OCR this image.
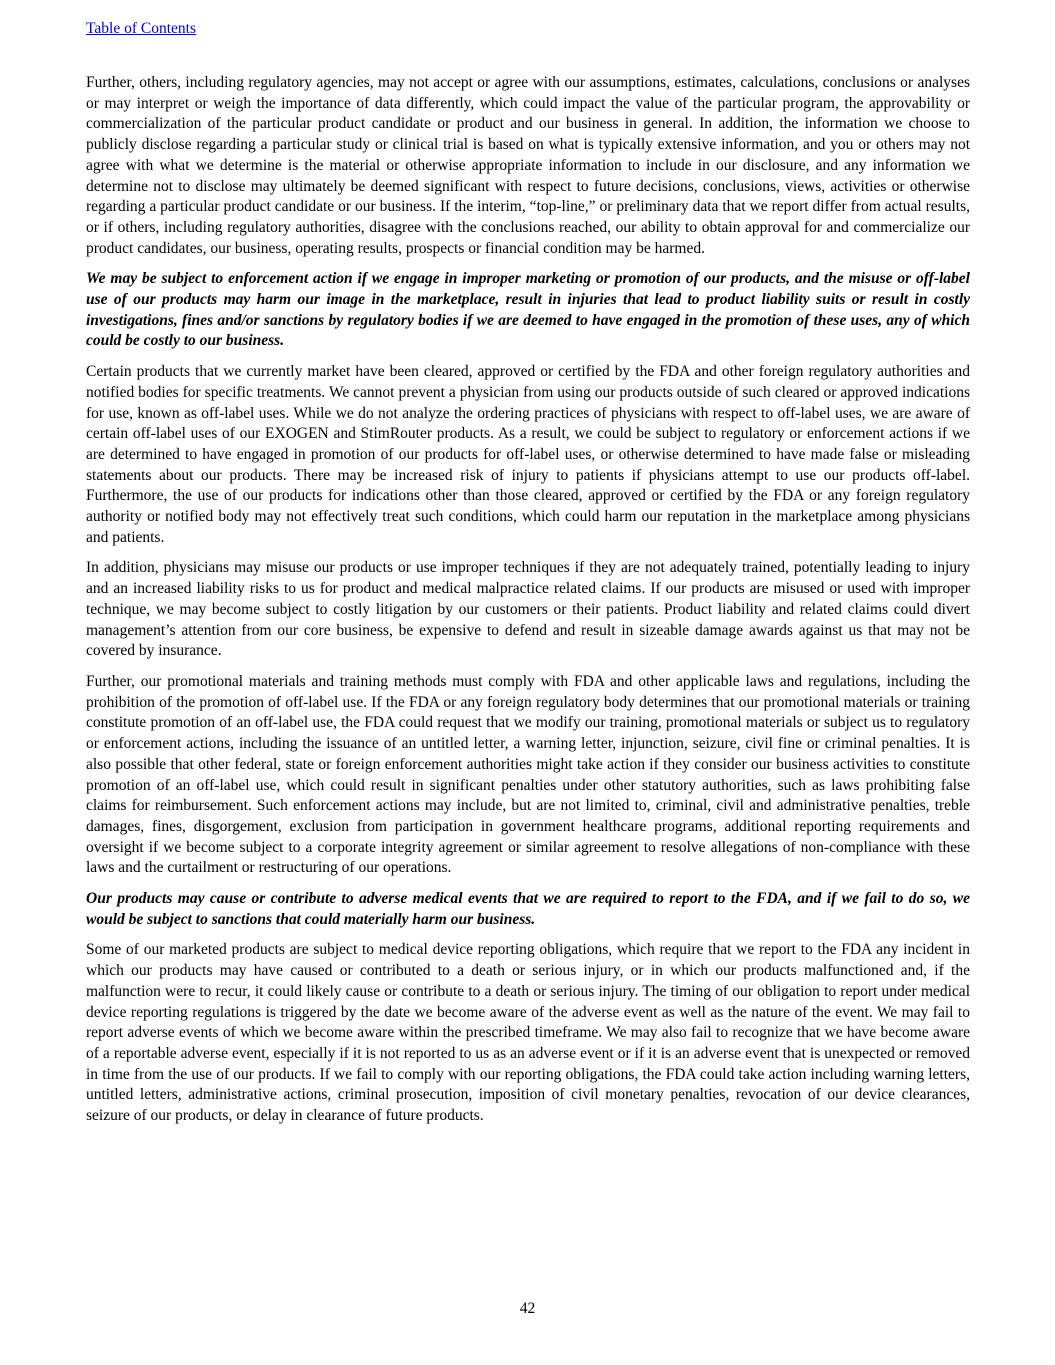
Table of Contents

Further, others, including regulatory agencies, may not accept or agree with our assumptions, estimates, calculations, conclusions or analyses or may interpret or weigh the importance of data differently, which could impact the value of the particular program, the approvability or commercialization of the particular product candidate or product and our business in general. In addition, the information we choose to publicly disclose regarding a particular study or clinical trial is based on what is typically extensive information, and you or others may not agree with what we determine is the material or otherwise appropriate information to include in our disclosure, and any information we determine not to disclose may ultimately be deemed significant with respect to future decisions, conclusions, views, activities or otherwise regarding a particular product candidate or our business. If the interim, “top-line,” or preliminary data that we report differ from actual results, or if others, including regulatory authorities, disagree with the conclusions reached, our ability to obtain approval for and commercialize our product candidates, our business, operating results, prospects or financial condition may be harmed.

We may be subject to enforcement action if we engage in improper marketing or promotion of our products, and the misuse or off-label use of our products may harm our image in the marketplace, result in injuries that lead to product liability suits or result in costly investigations, fines and/or sanctions by regulatory bodies if we are deemed to have engaged in the promotion of these uses, any of which could be costly to our business.

Certain products that we currently market have been cleared, approved or certified by the FDA and other foreign regulatory authorities and notified bodies for specific treatments. We cannot prevent a physician from using our products outside of such cleared or approved indications for use, known as off-label uses. While we do not analyze the ordering practices of physicians with respect to off-label uses, we are aware of certain off-label uses of our EXOGEN and StimRouter products. As a result, we could be subject to regulatory or enforcement actions if we are determined to have engaged in promotion of our products for off-label uses, or otherwise determined to have made false or misleading statements about our products. There may be increased risk of injury to patients if physicians attempt to use our products off-label. Furthermore, the use of our products for indications other than those cleared, approved or certified by the FDA or any foreign regulatory authority or notified body may not effectively treat such conditions, which could harm our reputation in the marketplace among physicians and patients.

In addition, physicians may misuse our products or use improper techniques if they are not adequately trained, potentially leading to injury and an increased liability risks to us for product and medical malpractice related claims. If our products are misused or used with improper technique, we may become subject to costly litigation by our customers or their patients. Product liability and related claims could divert management’s attention from our core business, be expensive to defend and result in sizeable damage awards against us that may not be covered by insurance.

Further, our promotional materials and training methods must comply with FDA and other applicable laws and regulations, including the prohibition of the promotion of off-label use. If the FDA or any foreign regulatory body determines that our promotional materials or training constitute promotion of an off-label use, the FDA could request that we modify our training, promotional materials or subject us to regulatory or enforcement actions, including the issuance of an untitled letter, a warning letter, injunction, seizure, civil fine or criminal penalties. It is also possible that other federal, state or foreign enforcement authorities might take action if they consider our business activities to constitute promotion of an off-label use, which could result in significant penalties under other statutory authorities, such as laws prohibiting false claims for reimbursement. Such enforcement actions may include, but are not limited to, criminal, civil and administrative penalties, treble damages, fines, disgorgement, exclusion from participation in government healthcare programs, additional reporting requirements and oversight if we become subject to a corporate integrity agreement or similar agreement to resolve allegations of non-compliance with these laws and the curtailment or restructuring of our operations.

Our products may cause or contribute to adverse medical events that we are required to report to the FDA, and if we fail to do so, we would be subject to sanctions that could materially harm our business.

Some of our marketed products are subject to medical device reporting obligations, which require that we report to the FDA any incident in which our products may have caused or contributed to a death or serious injury, or in which our products malfunctioned and, if the malfunction were to recur, it could likely cause or contribute to a death or serious injury. The timing of our obligation to report under medical device reporting regulations is triggered by the date we become aware of the adverse event as well as the nature of the event. We may fail to report adverse events of which we become aware within the prescribed timeframe. We may also fail to recognize that we have become aware of a reportable adverse event, especially if it is not reported to us as an adverse event or if it is an adverse event that is unexpected or removed in time from the use of our products. If we fail to comply with our reporting obligations, the FDA could take action including warning letters, untitled letters, administrative actions, criminal prosecution, imposition of civil monetary penalties, revocation of our device clearances, seizure of our products, or delay in clearance of future products.

42
